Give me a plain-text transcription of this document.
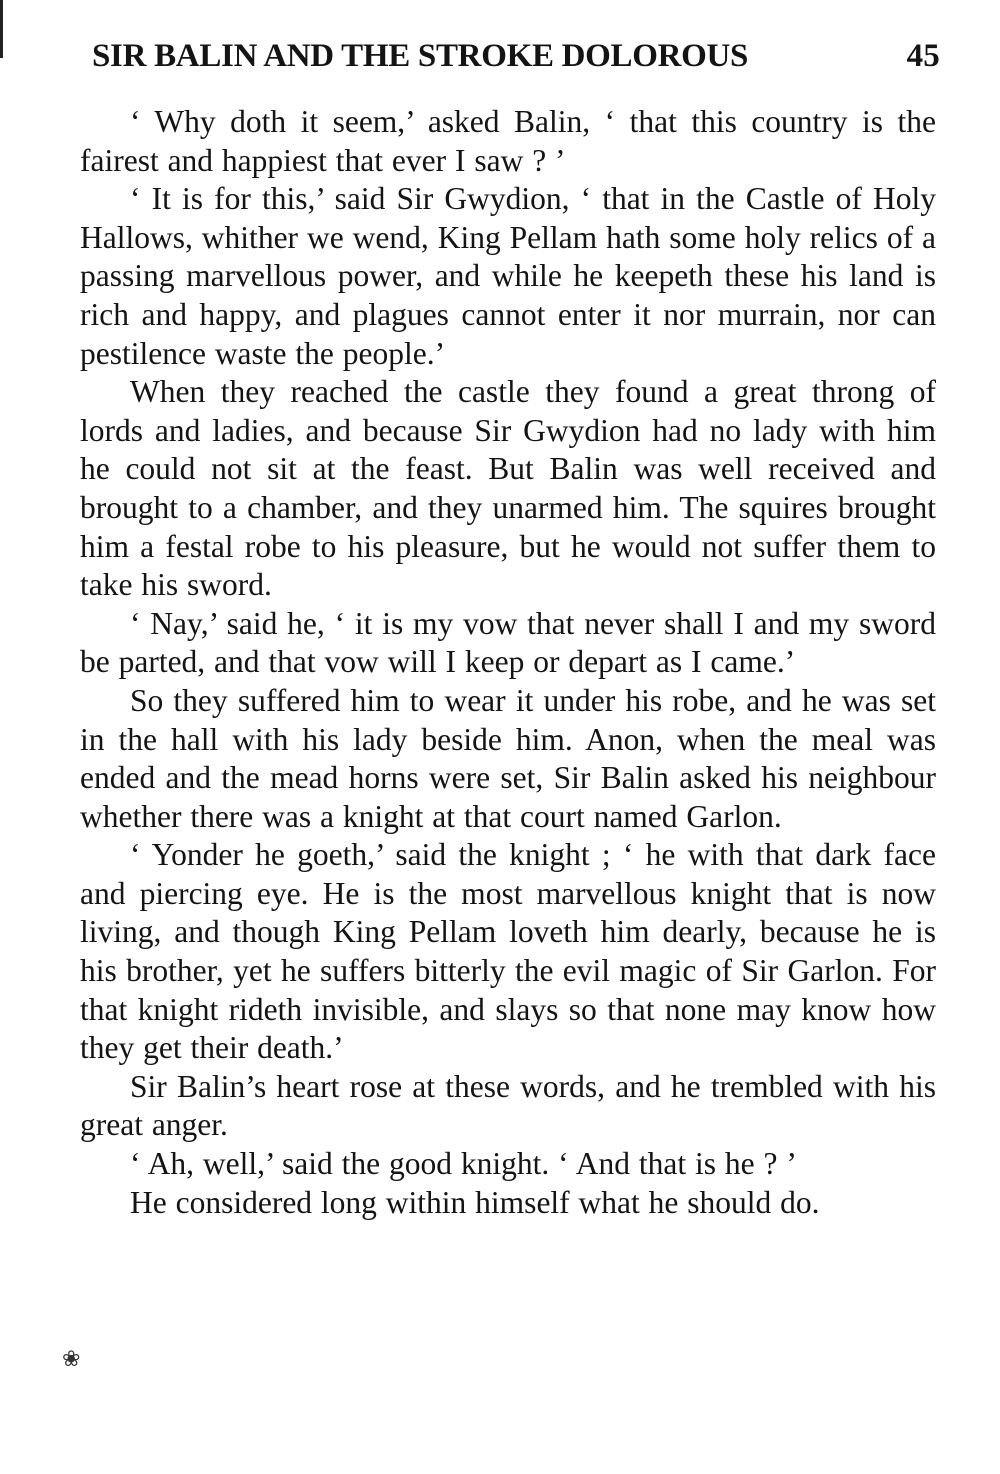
SIR BALIN AND THE STROKE DOLOROUS	45

‘ Why doth it seem,’ asked Balin, ‘ that this country is the fairest and happiest that ever I saw ? ’

‘ It is for this,’ said Sir Gwydion, ‘ that in the Castle of Holy Hallows, whither we wend, King Pellam hath some holy relics of a passing marvellous power, and while he keepeth these his land is rich and happy, and plagues cannot enter it nor murrain, nor can pestilence waste the people.’

When they reached the castle they found a great throng of lords and ladies, and because Sir Gwydion had no lady with him he could not sit at the feast. But Balin was well received and brought to a chamber, and they unarmed him. The squires brought him a festal robe to his pleasure, but he would not suffer them to take his sword.

‘ Nay,’ said he, ‘ it is my vow that never shall I and my sword be parted, and that vow will I keep or depart as I came.’

So they suffered him to wear it under his robe, and he was set in the hall with his lady beside him. Anon, when the meal was ended and the mead horns were set, Sir Balin asked his neighbour whether there was a knight at that court named Garlon.

‘ Yonder he goeth,’ said the knight ; ‘ he with that dark face and piercing eye. He is the most marvellous knight that is now living, and though King Pellam loveth him dearly, because he is his brother, yet he suffers bitterly the evil magic of Sir Garlon. For that knight rideth invisible, and slays so that none may know how they get their death.’

Sir Balin’s heart rose at these words, and he trembled with his great anger.

‘ Ah, well,’ said the good knight. ‘ And that is he ? ’

He considered long within himself what he should do.

❀
